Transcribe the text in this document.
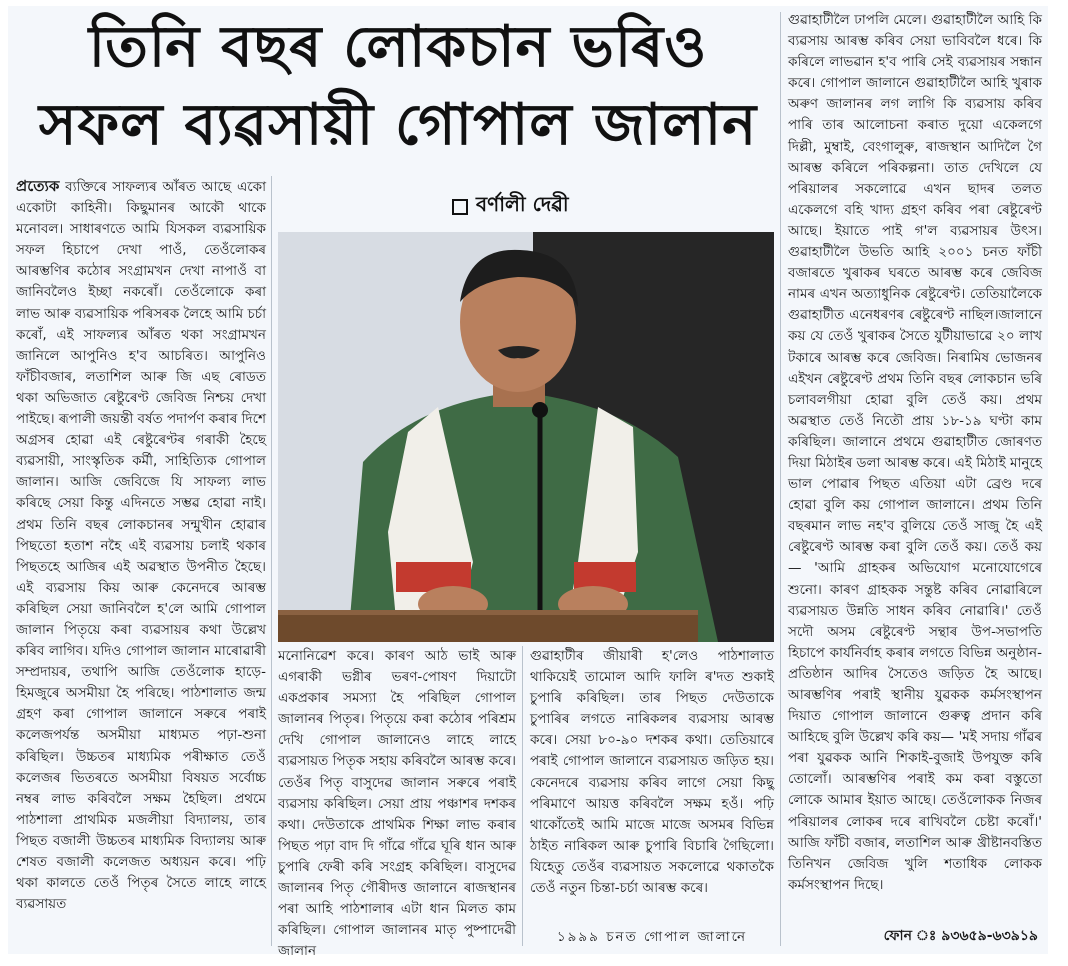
তিনি বছৰ লোকচান ভৰিও
সফল ব্যৱসায়ী গোপাল জালান
বৰ্ণালী দেৱী

প্ৰত্যেক ব্যক্তিৰে সাফল্যৰ আঁৰত আছে একো একোটা কাহিনী। কিছুমানৰ আকৌ থাকে মনোবল। সাধাৰণতে আমি যিসকল ব্যৱসায়িক সফল হিচাপে দেখা পাওঁ, তেওঁলোকৰ আৰম্ভণিৰ কঠোৰ সংগ্ৰামখন দেখা নাপাওঁ বা জানিবলৈও ইচ্ছা নকৰোঁ। তেওঁলোকে কৰা লাভ আৰু ব্যৱসায়িক পৰিসৰক লৈহে আমি চৰ্চা কৰোঁ, এই সাফল্যৰ আঁৰত থকা সংগ্ৰামখন জানিলে আপুনিও হ'ব আচৰিত। আপুনিও ফাঁচীবজাৰ, লতাশিল আৰু জি এছ ৰোডত থকা অভিজাত ৰেষ্টুৰেণ্ট জেবিজ নিশ্চয় দেখা পাইছে। ৰূপালী জয়ন্তী বৰ্ষত পদাৰ্পণ কৰাৰ দিশে অগ্ৰসৰ হোৱা এই ৰেষ্টুৰেণ্টৰ গৰাকী হৈছে ব্যৱসায়ী, সাংস্কৃতিক কৰ্মী, সাহিত্যিক গোপাল জালান। আজি জেবিজে যি সাফল্য লাভ কৰিছে সেয়া কিন্তু এদিনতে সম্ভৱ হোৱা নাই। প্ৰথম তিনি বছৰ লোকচানৰ সন্মুখীন হোৱাৰ পিছতো হতাশ নহৈ এই ব্যৱসায় চলাই থকাৰ পিছতহে আজিৰ এই অৱস্থাত উপনীত হৈছে। এই ব্যৱসায় কিয় আৰু কেনেদৰে আৰম্ভ কৰিছিল সেয়া জানিবলৈ হ'লে আমি গোপাল জালান পিতৃয়ে কৰা ব্যৱসায়ৰ কথা উল্লেখ কৰিব লাগিব। যদিও গোপাল জালান মাৰোৱাৰী সম্প্ৰদায়ৰ, তথাপি আজি তেওঁলোক হাড়ে- হিমজুৰে অসমীয়া হৈ পৰিছে। পাঠশালাত জন্ম গ্ৰহণ কৰা গোপাল জালানে সৰুৰে পৰাই কলেজপৰ্যন্ত অসমীয়া মাধ্যমত পঢ়া-শুনা কৰিছিল। উচ্চতৰ মাধ্যমিক পৰীক্ষাত তেওঁ কলেজৰ ভিতৰতে অসমীয়া বিষয়ত সৰ্বোচ্চ নম্বৰ লাভ কৰিবলৈ সক্ষম হৈছিল। প্ৰথমে পাঠশালা প্ৰাথমিক মজলীয়া বিদ্যালয়, তাৰ পিছত বজালী উচ্চতৰ মাধ্যমিক বিদ্যালয় আৰু শেষত বজালী কলেজত অধ্যয়ন কৰে। পঢ়ি থকা কালতে তেওঁ পিতৃৰ সৈতে লাহে লাহে ব্যৱসায়ত

মনোনিৱেশ কৰে। কাৰণ আঠ ভাই আৰু এগৰাকী ভগ্নীৰ ভৰণ-পোষণ দিয়াটো একপ্ৰকাৰ সমস্যা হৈ পৰিছিল গোপাল জালানৰ পিতৃৰ। পিতৃয়ে কৰা কঠোৰ পৰিশ্ৰম দেখি গোপাল জালানেও লাহে লাহে ব্যৱসায়ত পিতৃক সহায় কৰিবলৈ আৰম্ভ কৰে। তেওঁৰ পিতৃ বাসুদেৱ জালান সৰুৰে পৰাই ব্যৱসায় কৰিছিল। সেয়া প্ৰায় পঞ্চাশৰ দশকৰ কথা। দেউতাকে প্ৰাথমিক শিক্ষা লাভ কৰাৰ পিছত পঢ়া বাদ দি গাঁৱে গাঁৱে ঘূৰি ধান আৰু চুপাৰি ফেৰী কৰি সংগ্ৰহ কৰিছিল। বাসুদেৱ জালানৰ পিতৃ গৌৰীদত্ত জালানে ৰাজস্থানৰ পৰা আহি পাঠশালাৰ এটা ধান মিলত কাম কৰিছিল। গোপাল জালানৰ মাতৃ পুষ্পাদেৱী জালান

গুৱাহাটীৰ জীয়াৰী হ'লেও পাঠশালাত থাকিয়েই তামোল আদি ফালি ৰ'দত শুকাই চুপাৰি কৰিছিল। তাৰ পিছত দেউতাকে চুপাৰিৰ লগতে নাৰিকলৰ ব্যৱসায় আৰম্ভ কৰে। সেয়া ৮০-৯০ দশকৰ কথা। তেতিয়াৰে পৰাই গোপাল জালানে ব্যৱসায়ত জড়িত হয়। কেনেদৰে ব্যৱসায় কৰিব লাগে সেয়া কিছু পৰিমাণে আয়ত্ত কৰিবলৈ সক্ষম হওঁ। পঢ়ি থাকোঁতেই আমি মাজে মাজে অসমৰ বিভিন্ন ঠাইত নাৰিকল আৰু চুপাৰি বিচাৰি গৈছিলো। যিহেতু তেওঁৰ ব্যৱসায়ত সকলোৱে থকাতকৈ তেওঁ নতুন চিন্তা-চৰ্চা আৰম্ভ কৰে।

১৯৯৯ চনত গোপাল জালানে

গুৱাহাটীলৈ ঢাপলি মেলে। গুৱাহাটীলৈ আহি কি ব্যৱসায় আৰম্ভ কৰিব সেয়া ভাবিবলৈ ধৰে। কি কৰিলে লাভৱান হ'ব পাৰি সেই ব্যৱসায়ৰ সন্ধান কৰে। গোপাল জালানে গুৱাহাটীলৈ আহি খুৰাক অৰুণ জালানৰ লগ লাগি কি ব্যৱসায় কৰিব পাৰি তাৰ আলোচনা কৰাত দুয়ো একেলগে দিল্লী, মুম্বাই, বেংগালুৰু, ৰাজস্থান আদিলৈ গৈ আৰম্ভ কৰিলে পৰিকল্পনা। তাত দেখিলে যে পৰিয়ালৰ সকলোৱে এখন ছাদৰ তলত একেলগে বহি খাদ্য গ্ৰহণ কৰিব পৰা ৰেষ্টুৰেণ্ট আছে। ইয়াতে পাই গ'ল ব্যৱসায়ৰ উৎস। গুৱাহাটীলৈ উভতি আহি ২০০১ চনত ফাঁচী বজাৰতে খুৰাকৰ ঘৰতে আৰম্ভ কৰে জেবিজ নামৰ এখন অত্যাধুনিক ৰেষ্টুৰেণ্ট। তেতিয়ালৈকে গুৱাহাটীত এনেধৰণৰ ৰেষ্টুৰেণ্ট নাছিল।জালানে কয় যে তেওঁ খুৰাকৰ সৈতে যুটীয়াভাৱে ২০ লাখ টকাৰে আৰম্ভ কৰে জেবিজ। নিৰামিষ ভোজনৰ এইখন ৰেষ্টুৰেণ্ট প্ৰথম তিনি বছৰ লোকচান ভৰি চলাবলগীয়া হোৱা বুলি তেওঁ কয়। প্ৰথম অৱস্থাত তেওঁ নিতৌ প্ৰায় ১৮-১৯ ঘণ্টা কাম কৰিছিল। জালানে প্ৰথমে গুৱাহাটীত জোৰণত দিয়া মিঠাইৰ ডলা আৰম্ভ কৰে। এই মিঠাই মানুহে ভাল পোৱাৰ পিছত এতিয়া এটা ব্ৰেণ্ড দৰে হোৱা বুলি কয় গোপাল জালানে। প্ৰথম তিনি বছৰমান লাভ নহ'ব বুলিয়ে তেওঁ সাজু হৈ এই ৰেষ্টুৰেণ্ট আৰম্ভ কৰা বুলি তেওঁ কয়। তেওঁ কয়— 'আমি গ্ৰাহকৰ অভিযোগ মনোযোগেৰে শুনো। কাৰণ গ্ৰাহকক সন্তুষ্ট কৰিব নোৱাৰিলে ব্যৱসায়ত উন্নতি সাধন কৰিব নোৱাৰি।' তেওঁ সদৌ অসম ৰেষ্টুৰেণ্ট সন্থাৰ উপ-সভাপতি হিচাপে কাৰ্যনিৰ্বাহ কৰাৰ লগতে বিভিন্ন অনুষ্ঠান- প্ৰতিষ্ঠান আদিৰ সৈতেও জড়িত হৈ আছে। আৰম্ভণিৰ পৰাই স্থানীয় যুৱকক কৰ্মসংস্থাপন দিয়াত গোপাল জালানে গুৰুত্ব প্ৰদান কৰি আহিছে বুলি উল্লেখ কৰি কয়— 'মই সদায় গাঁৱৰ পৰা যুৱকক আনি শিকাই-বুজাই উপযুক্ত কৰি তোলোঁ। আৰম্ভণিৰ পৰাই কম কৰা বস্তুতো লোকে আমাৰ ইয়াত আছে। তেওঁলোকক নিজৰ পৰিয়ালৰ লোকৰ দৰে ৰাখিবলৈ চেষ্টা কৰোঁ।' আজি ফাঁচী বজাৰ, লতাশিল আৰু খ্ৰীষ্টানবস্তিত তিনিখন জেবিজ খুলি শতাধিক লোকক কৰ্মসংস্থাপন দিছে।

ফোন ঃ ৯৩৬৫৯-৬৩৯১৯
